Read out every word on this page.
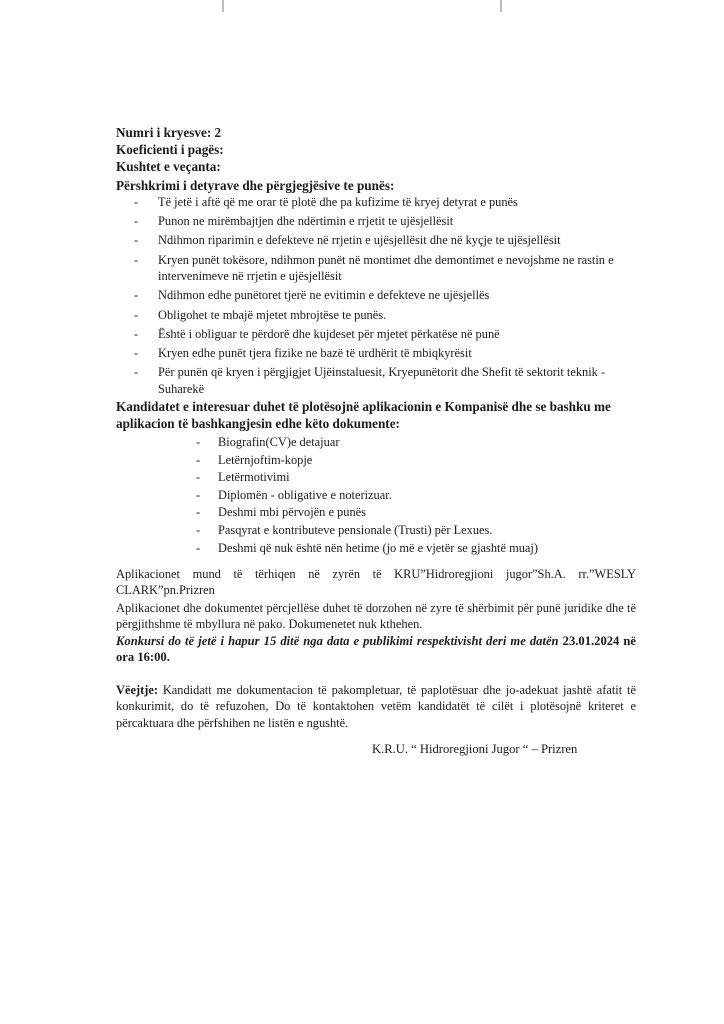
Numri i kryesve: 2
Koeficienti i pagës:
Kushtet e veçanta:
Përshkrimi i detyrave dhe përgjegjësive te punës:
- Të jetë i aftë që me orar të plotë dhe pa kufizime të kryej detyrat e punës
- Punon ne mirëmbajtjen dhe ndërtimin e rrjetit te ujësjellësit
- Ndihmon riparimin e defekteve në rrjetin e ujësjellësit dhe në kyçje te ujësjellësit
- Kryen punët tokësore, ndihmon punët në montimet dhe demontimet e nevojshme ne rastin e intervenimeve në rrjetin e ujësjellësit
- Ndihmon edhe punëtoret tjerë ne evitimin e defekteve ne ujësjellës
- Obligohet te mbajë mjetet mbrojtëse te punës.
- Është i obliguar te përdorë dhe kujdeset për mjetet përkatëse në punë
- Kryen edhe punët tjera fizike ne bazë të urdhërit të mbiqkyrësit
- Për punën që kryen i përgjigjet Ujëinstaluesit, Kryepunëtorit dhe Shefit të sektorit teknik - Suharekë
Kandidatet e interesuar duhet të plotësojnë aplikacionin e Kompanisë dhe se bashku me aplikacion të bashkangjesin edhe këto dokumente:
- Biografin(CV)e detajuar
- Letërnjoftim-kopje
- Letërmotivimi
- Diplomën - obligative e noterizuar.
- Deshmi mbi përvojën e punës
- Pasqyrat e kontributeve pensionale (Trusti) për Lexues.
- Deshmi që nuk është nën hetime (jo më e vjetër se gjashtë muaj)
Aplikacionet mund të tërhiqen në zyrën të KRU”Hidroregjioni jugor”Sh.A. rr.”WESLY CLARK”pn.Prizren
Aplikacionet dhe dokumentet përcjellëse duhet të dorzohen në zyre të shërbimit për punë juridike dhe të përgjithshme të mbyllura në pako. Dokumenetet nuk kthehen.
Konkursi do të jetë i hapur 15 ditë nga data e publikimi respektivisht deri me datën 23.01.2024 në ora 16:00.
Vëejtje: Kandidatt me dokumentacion të pakompletuar, të paplotësuar dhe jo-adekuat jashtë afatit të konkurimit, do të refuzohen, Do të kontaktohen vetëm kandidatët të cilët i plotësojnë kriteret e përcaktuara dhe përfshihen ne listën e ngushtë.
K.R.U. “ Hidroregjioni Jugor “ – Prizren
